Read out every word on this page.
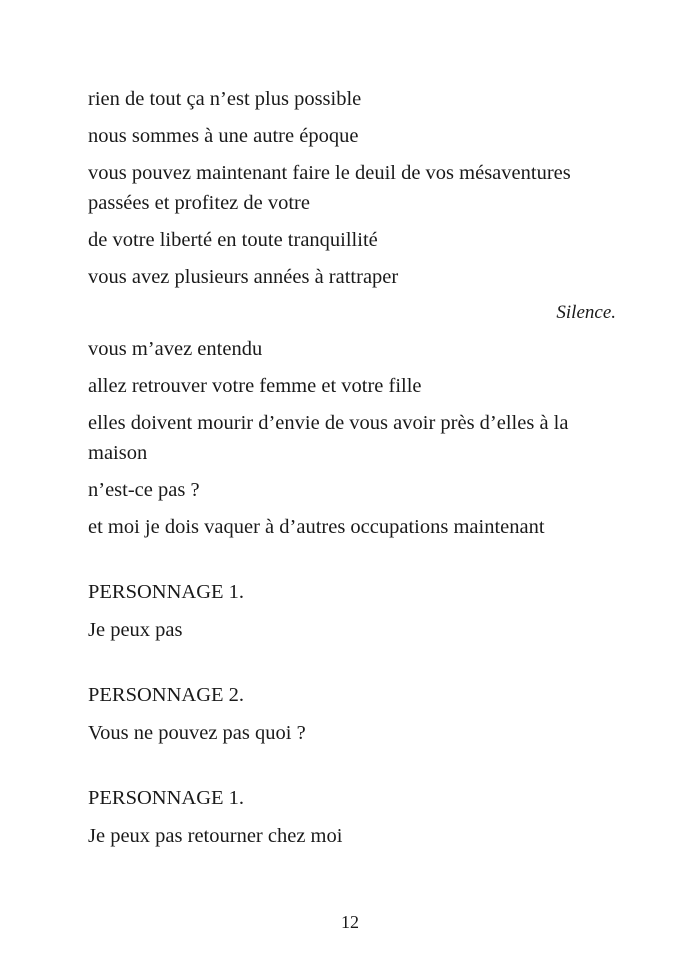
rien de tout ça n’est plus possible

nous sommes à une autre époque

vous pouvez maintenant faire le deuil de vos mésaventures passées et profitez de votre

de votre liberté en toute tranquillité

vous avez plusieurs années à rattraper

Silence.

vous m’avez entendu

allez retrouver votre femme et votre fille

elles doivent mourir d’envie de vous avoir près d’elles à la maison

n’est-ce pas ?

et moi je dois vaquer à d’autres occupations maintenant

PERSONNAGE 1.

Je peux pas

PERSONNAGE 2.

Vous ne pouvez pas quoi ?

PERSONNAGE 1.

Je peux pas retourner chez moi

12
